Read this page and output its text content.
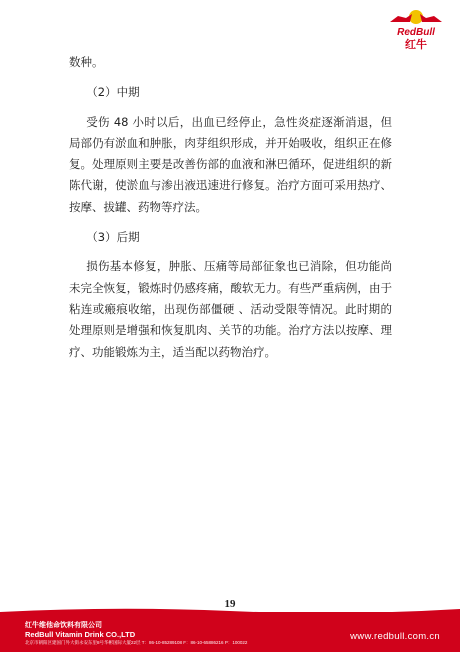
RedBull
红牛

数种。

（2）中期

受伤 48 小时以后，出血已经停止，急性炎症逐渐消退，但局部仍有淤血和肿胀，肉芽组织形成，并开始吸收，组织正在修复。处理原则主要是改善伤部的血液和淋巴循环，促进组织的新陈代谢，使淤血与渗出液迅速进行修复。治疗方面可采用热疗、按摩、拔罐、药物等疗法。

（3）后期

损伤基本修复，肿胀、压痛等局部征象也已消除，但功能尚未完全恢复，锻炼时仍感疼痛，酸软无力。有些严重病例，由于粘连或瘢痕收缩，出现伤部僵硬 、活动受限等情况。此时期的处理原则是增强和恢复肌肉、关节的功能。治疗方法以按摩、理疗、功能锻炼为主，适当配以药物治疗。

19
红牛维他命饮料有限公司
RedBull Vitamin Drink CO.,LTD
北京市朝阳区建国门外大街永安东里8号华彬国际大厦22层 T：86-10-85289108 F：86-10-65886216 P：100022
www.redbull.com.cn
